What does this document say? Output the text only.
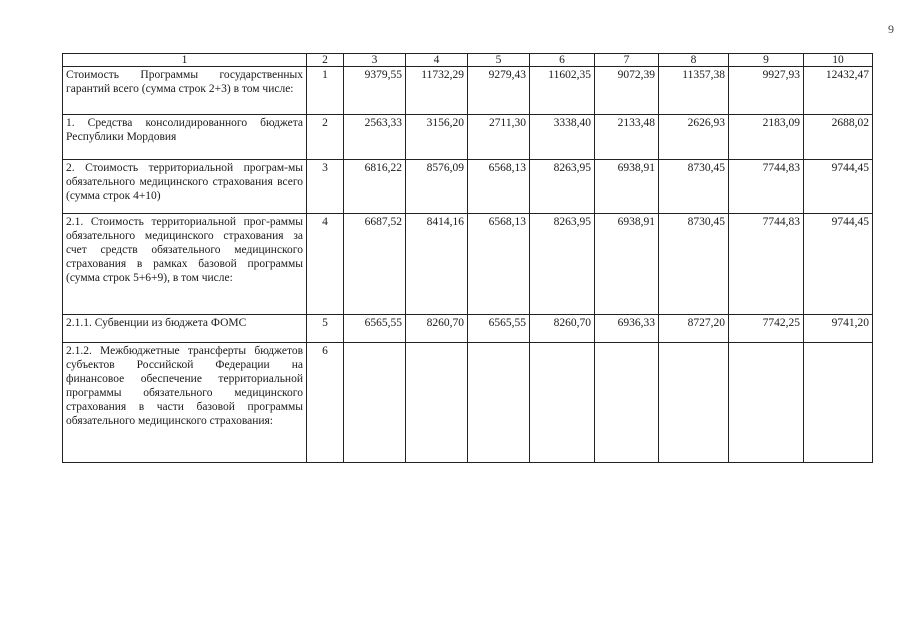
9
1	2	3	4	5	6	7	8	9	10
Стоимость Программы государственных гарантий всего (сумма строк 2+3) в том числе:	1	9379,55	11732,29	9279,43	11602,35	9072,39	11357,38	9927,93	12432,47
1. Средства консолидированного бюджета Республики Мордовия	2	2563,33	3156,20	2711,30	3338,40	2133,48	2626,93	2183,09	2688,02
2. Стоимость территориальной програм-мы обязательного медицинского страхования всего (сумма строк 4+10)	3	6816,22	8576,09	6568,13	8263,95	6938,91	8730,45	7744,83	9744,45
2.1. Стоимость территориальной прог-раммы обязательного медицинского страхования за счет средств обязательного медицинского страхования в рамках базовой программы (сумма строк 5+6+9), в том числе:	4	6687,52	8414,16	6568,13	8263,95	6938,91	8730,45	7744,83	9744,45
2.1.1. Субвенции из бюджета ФОМС	5	6565,55	8260,70	6565,55	8260,70	6936,33	8727,20	7742,25	9741,20
2.1.2. Межбюджетные трансферты бюджетов субъектов Российской Федерации на финансовое обеспечение территориальной программы обязательного медицинского страхования в части базовой программы обязательного медицинского страхования:	6								
